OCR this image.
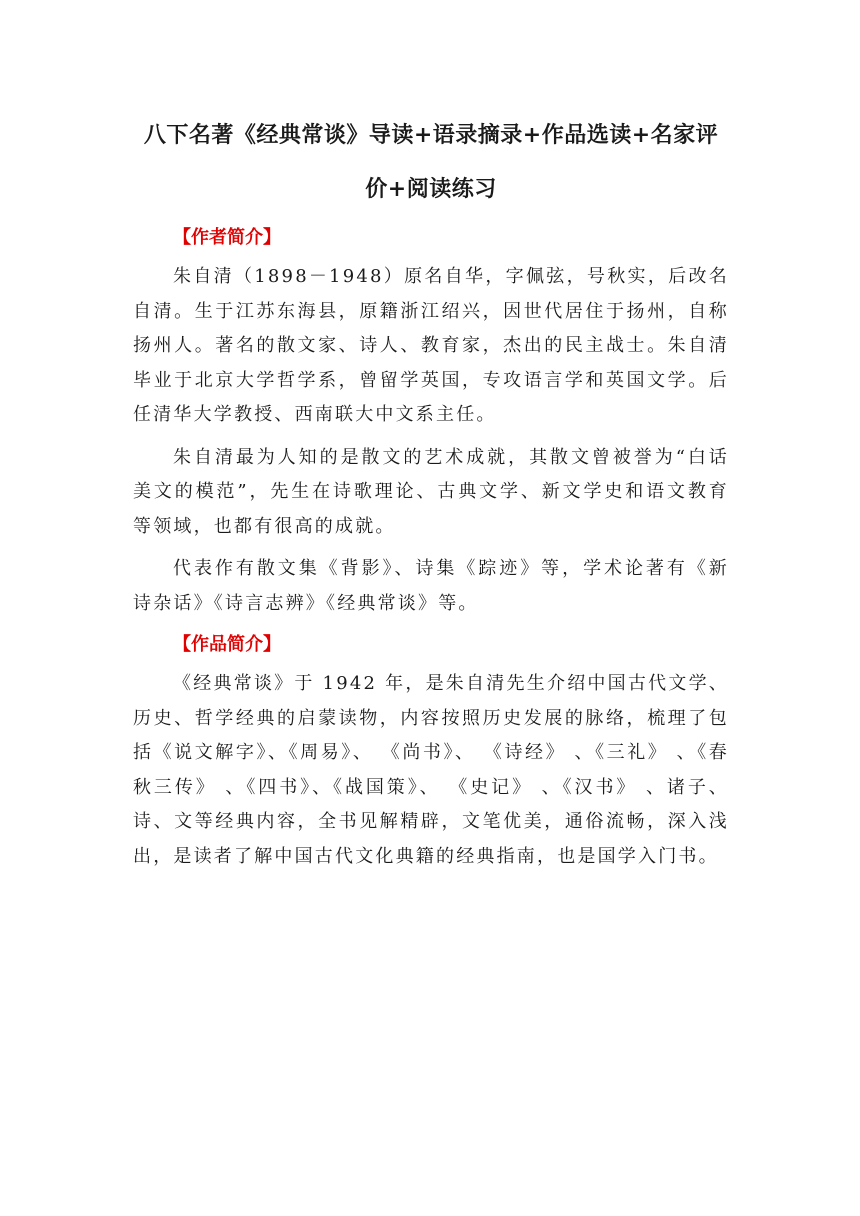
八下名著《经典常谈》导读+语录摘录+作品选读+名家评
价+阅读练习
【作者简介】

朱自清（1898－1948）原名自华，字佩弦，号秋实，后改名自清。生于江苏东海县，原籍浙江绍兴，因世代居住于扬州，自称扬州人。著名的散文家、诗人、教育家，杰出的民主战士。朱自清毕业于北京大学哲学系，曾留学英国，专攻语言学和英国文学。后任清华大学教授、西南联大中文系主任。

朱自清最为人知的是散文的艺术成就，其散文曾被誉为“白话美文的模范”，先生在诗歌理论、古典文学、新文学史和语文教育等领域，也都有很高的成就。

代表作有散文集《背影》、诗集《踪迹》等，学术论著有《新诗杂话》《诗言志辨》《经典常谈》等。

【作品简介】

《经典常谈》于 1942 年，是朱自清先生介绍中国古代文学、历史、哲学经典的启蒙读物，内容按照历史发展的脉络，梳理了包括《说文解字》、《周易》、 《尚书》、 《诗经》 、《三礼》 、《春秋三传》 、《四书》、《战国策》、 《史记》 、《汉书》 、诸子、诗、文等经典内容，全书见解精辟，文笔优美，通俗流畅，深入浅出，是读者了解中国古代文化典籍的经典指南，也是国学入门书。
